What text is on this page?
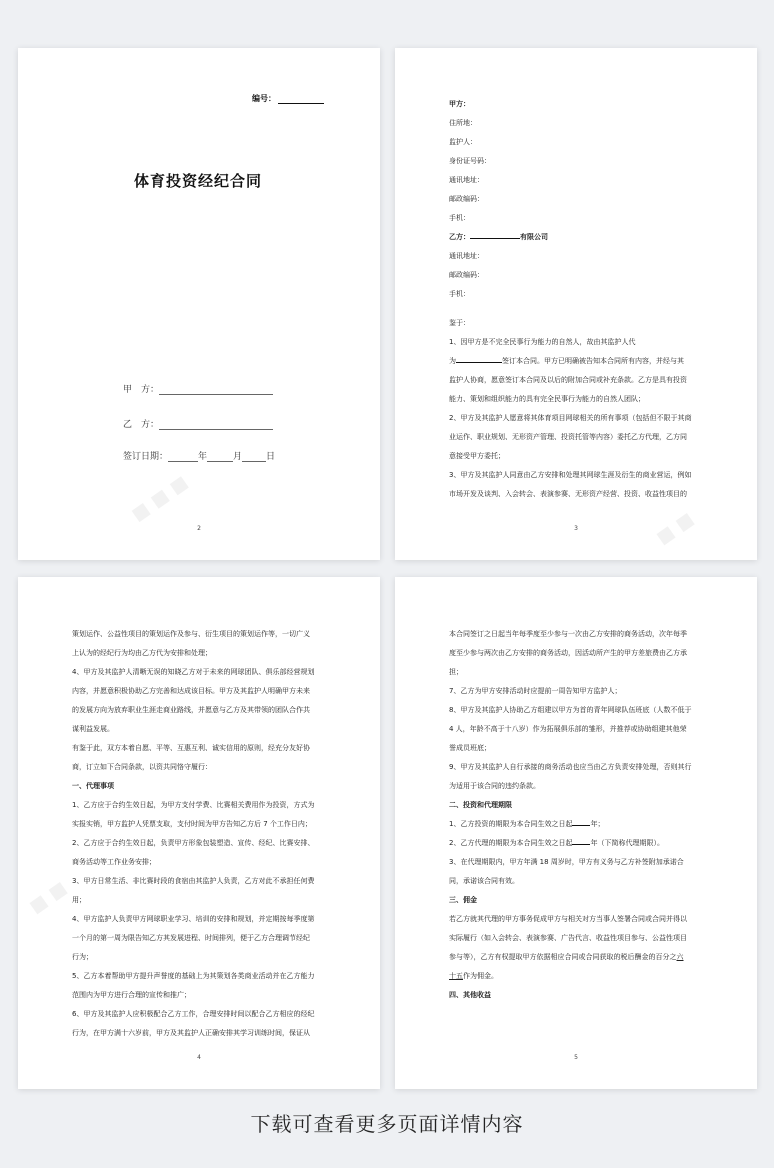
编号：
体育投资经纪合同
甲　方：
乙　方：
签订日期：	年	月	日
■ ■ ■
2
甲方：
住所地：
监护人：
身份证号码：
通讯地址：
邮政编码：
手机：
乙方：	有限公司
通讯地址：
邮政编码：
手机：
鉴于：
1、因甲方是不完全民事行为能力的自然人，故由其监护人代
为	签订本合同。甲方已明确被告知本合同所有内容，并经与其
监护人协商，愿意签订本合同及以后的附加合同或补充条款。乙方是具有投资
能力、策划和组织能力的具有完全民事行为能力的自然人团队；
2、甲方及其监护人愿意将其体育项目网球相关的所有事项（包括但不限于其商
业运作、职业规划、无形资产管理、投资托管等内容）委托乙方代理，乙方同
意接受甲方委托；
3、甲方及其监护人同意由乙方安排和处理其网球生涯及衍生的商业营运，例如
市场开发及谈判、入会转会、表演参赛、无形资产经营、投资、收益性项目的
■ ■
3
策划运作、公益性项目的策划运作及参与、衍生项目的策划运作等，一切广义
上认为的经纪行为均由乙方代为安排和处理；
4、甲方及其监护人清晰无误的知晓乙方对于未来的网球团队、俱乐部经营规划
内容，并愿意积极协助乙方完善和达成该目标。甲方及其监护人明确甲方未来
的发展方向为放弃职业生涯走商业路线，并愿意与乙方及其带领的团队合作共
谋利益发展。
有鉴于此，双方本着自愿、平等、互惠互利、诚实信用的原则，经充分友好协
商，订立如下合同条款，以资共同恪守履行：
一、代理事项
1、乙方应于合约生效日起，为甲方支付学费、比赛相关费用作为投资，方式为
实报实销，甲方监护人凭票支取，支付时间为甲方告知乙方后 7 个工作日内；
2、乙方应于合约生效日起，负责甲方形象包装塑造、宣传、经纪、比赛安排、
商务活动等工作业务安排；
3、甲方日常生活、非比赛时段的食宿由其监护人负责，乙方对此不承担任何费
用；
4、甲方监护人负责甲方网球职业学习、培训的安排和规划，并定期按每季度第
一个月的第一周为限告知乙方其发展进程、时间排列，便于乙方合理调节经纪
行为；
5、乙方本着帮助甲方提升声誉度的基础上为其策划各类商业活动并在乙方能力
范围内为甲方进行合理的宣传和推广；
6、甲方及其监护人应积极配合乙方工作，合理安排时间以配合乙方相应的经纪
行为，在甲方满十六岁前，甲方及其监护人正确安排其学习训练时间，保证从
■ ■
4
本合同签订之日起当年每季度至少参与一次由乙方安排的商务活动，次年每季
度至少参与两次由乙方安排的商务活动，因活动所产生的甲方差旅费由乙方承
担；
7、乙方为甲方安排活动时应提前一周告知甲方监护人；
8、甲方及其监护人协助乙方组建以甲方为首的青年网球队伍班底（人数不低于
4 人，年龄不高于十八岁）作为拓展俱乐部的雏形，并推荐或协助组建其他荣
誉成员班底；
9、甲方及其监护人自行承接的商务活动也应当由乙方负责安排处理，否则其行
为适用于该合同的违约条款。
二、投资和代理期限
1、乙方投资的期限为本合同生效之日起	年；
2、乙方代理的期限为本合同生效之日起	年（下简称代理期限）。
3、在代理期限内，甲方年满 18 周岁时，甲方有义务与乙方补签附加承诺合
同，承诺该合同有效。
三、佣金
若乙方就其代理的甲方事务促成甲方与相关对方当事人签署合同或合同并得以
实际履行（如入会转会、表演参赛、广告代言、收益性项目参与、公益性项目
参与等），乙方有权提取甲方依据相应合同或合同获取的税后酬金的百分之六
十五作为佣金。
四、其他收益
5
下载可查看更多页面详情内容
